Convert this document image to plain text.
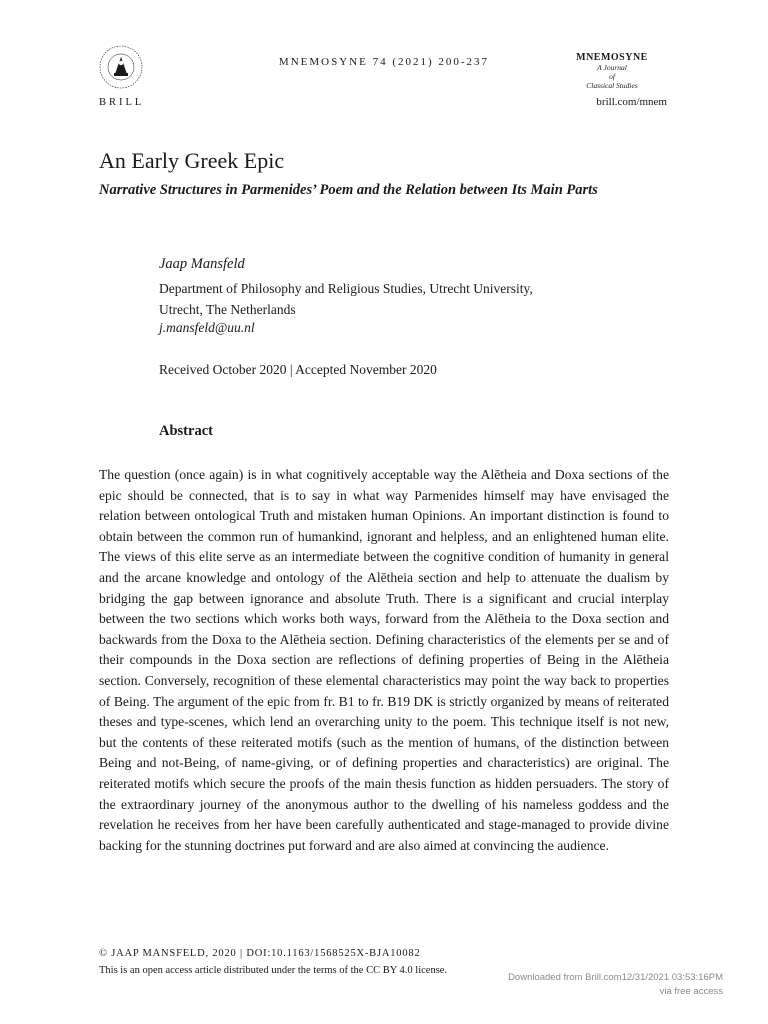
BRILL
MNEMOSYNE 74 (2021) 200-237	MNEMOSYNE
A Journal
of
Classical Studies
brill.com/mnem
An Early Greek Epic
Narrative Structures in Parmenides’ Poem and the Relation between Its Main Parts
Jaap Mansfeld
Department of Philosophy and Religious Studies, Utrecht University,
Utrecht, The Netherlands
j.mansfeld@uu.nl
Received October 2020 | Accepted November 2020
Abstract
The question (once again) is in what cognitively acceptable way the Alētheia and Doxa sections of the epic should be connected, that is to say in what way Parmenides himself may have envisaged the relation between ontological Truth and mistaken human Opinions. An important distinction is found to obtain between the common run of humankind, ignorant and helpless, and an enlightened human elite. The views of this elite serve as an intermediate between the cognitive condition of humanity in general and the arcane knowledge and ontology of the Alētheia section and help to attenuate the dualism by bridging the gap between ignorance and absolute Truth. There is a significant and crucial interplay between the two sections which works both ways, forward from the Alētheia to the Doxa section and backwards from the Doxa to the Alētheia section. Defining characteristics of the elements per se and of their compounds in the Doxa section are reflections of defining properties of Being in the Alētheia section. Conversely, recognition of these elemental characteristics may point the way back to properties of Being. The argument of the epic from fr. B1 to fr. B19 DK is strictly organized by means of reiterated theses and type-scenes, which lend an overarching unity to the poem. This technique itself is not new, but the contents of these reiterated motifs (such as the mention of humans, of the distinction between Being and not-Being, of name-giving, or of defining properties and characteristics) are original. The reiterated motifs which secure the proofs of the main thesis function as hidden persuaders. The story of the extraordinary journey of the anonymous author to the dwelling of his nameless goddess and the revelation he receives from her have been carefully authenticated and stage-managed to provide divine backing for the stunning doctrines put forward and are also aimed at convincing the audience.
© JAAP MANSFELD, 2020 | DOI:10.1163/1568525X-BJA10082
This is an open access article distributed under the terms of the CC BY 4.0 license.
Downloaded from Brill.com12/31/2021 03:53:16PM
via free access
